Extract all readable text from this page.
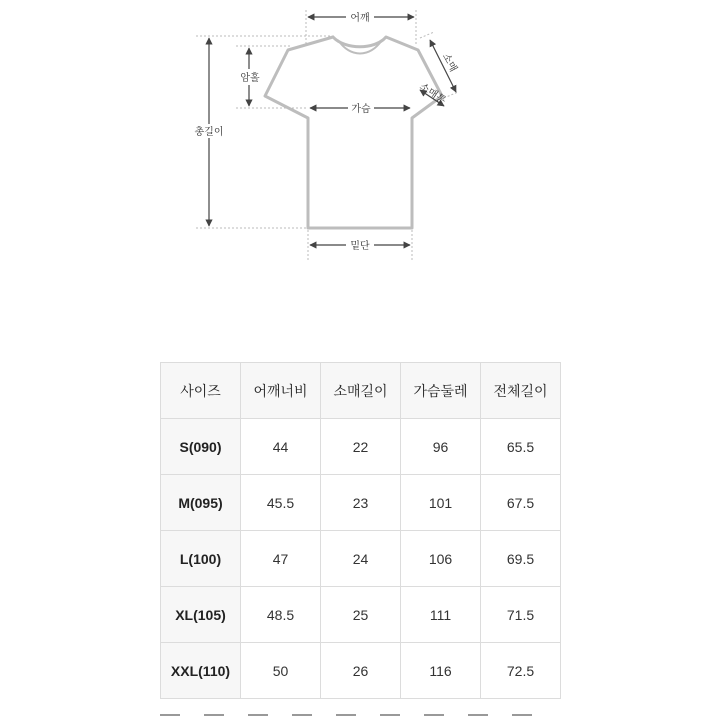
어깨
암홀
총길이
가슴
소매
소매통
밑단
사이즈	어깨너비	소매길이	가슴둘레	전체길이
S(090)	44	22	96	65.5
M(095)	45.5	23	101	67.5
L(100)	47	24	106	69.5
XL(105)	48.5	25	111	71.5
XXL(110)	50	26	116	72.5
